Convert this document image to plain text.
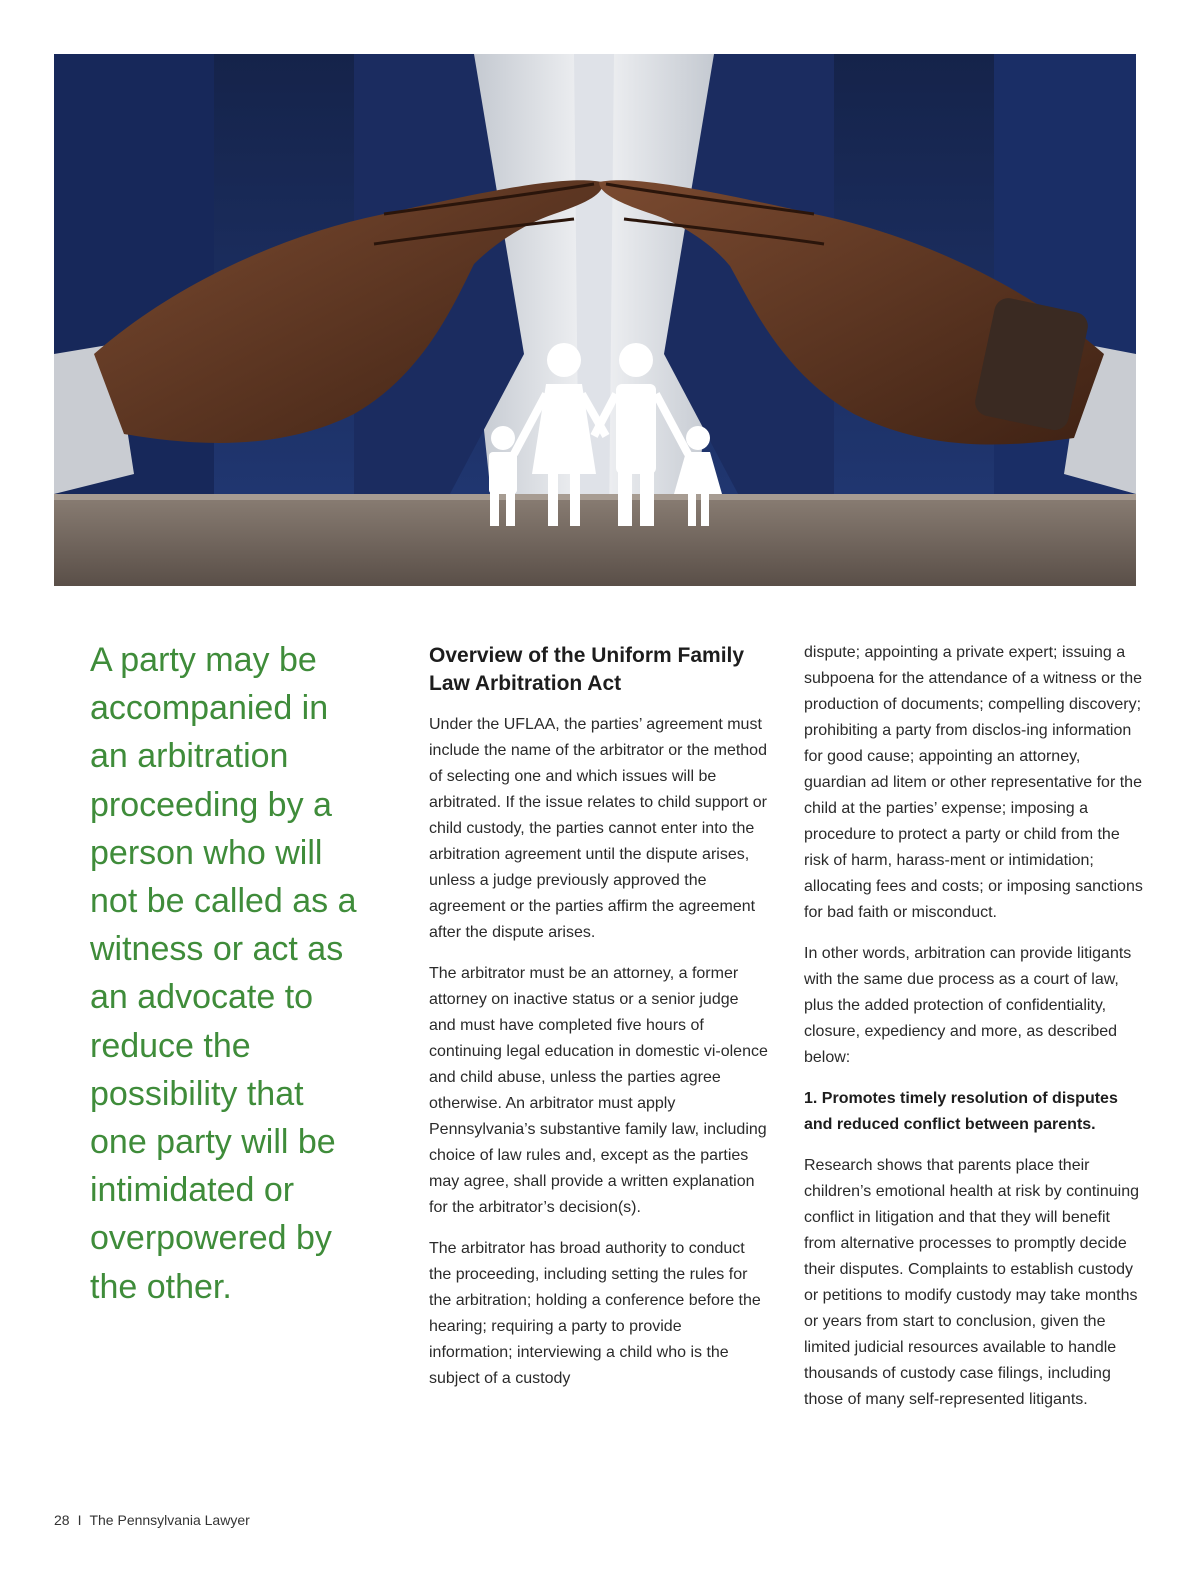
A party may be accompanied in an arbitration proceeding by a person who will not be called as a witness or act as an advocate to reduce the possibility that one party will be intimidated or overpowered by the other.
Overview of the Uniform Family Law Arbitration Act

Under the UFLAA, the parties’ agreement must include the name of the arbitrator or the method of selecting one and which issues will be arbitrated. If the issue relates to child support or child custody, the parties cannot enter into the arbitration agreement until the dispute arises, unless a judge previously approved the agreement or the parties affirm the agreement after the dispute arises.

The arbitrator must be an attorney, a former attorney on inactive status or a senior judge and must have completed five hours of continuing legal education in domestic vi-olence and child abuse, unless the parties agree otherwise. An arbitrator must apply Pennsylvania’s substantive family law, including choice of law rules and, except as the parties may agree, shall provide a written explanation for the arbitrator’s decision(s).

The arbitrator has broad authority to conduct the proceeding, including setting the rules for the arbitration; holding a conference before the hearing; requiring a party to provide information; interviewing a child who is the subject of a custody

dispute; appointing a private expert; issuing a subpoena for the attendance of a witness or the production of documents; compelling discovery; prohibiting a party from disclos-ing information for good cause; appointing an attorney, guardian ad litem or other representative for the child at the parties’ expense; imposing a procedure to protect a party or child from the risk of harm, harass-ment or intimidation; allocating fees and costs; or imposing sanctions for bad faith or misconduct.

In other words, arbitration can provide litigants with the same due process as a court of law, plus the added protection of confidentiality, closure, expediency and more, as described below:

1. Promotes timely resolution of disputes and reduced conflict between parents.

Research shows that parents place their children’s emotional health at risk by continuing conflict in litigation and that they will benefit from alternative processes to promptly decide their disputes. Complaints to establish custody or petitions to modify custody may take months or years from start to conclusion, given the limited judicial resources available to handle thousands of custody case filings, including those of many self-represented litigants.

28 I The Pennsylvania Lawyer
